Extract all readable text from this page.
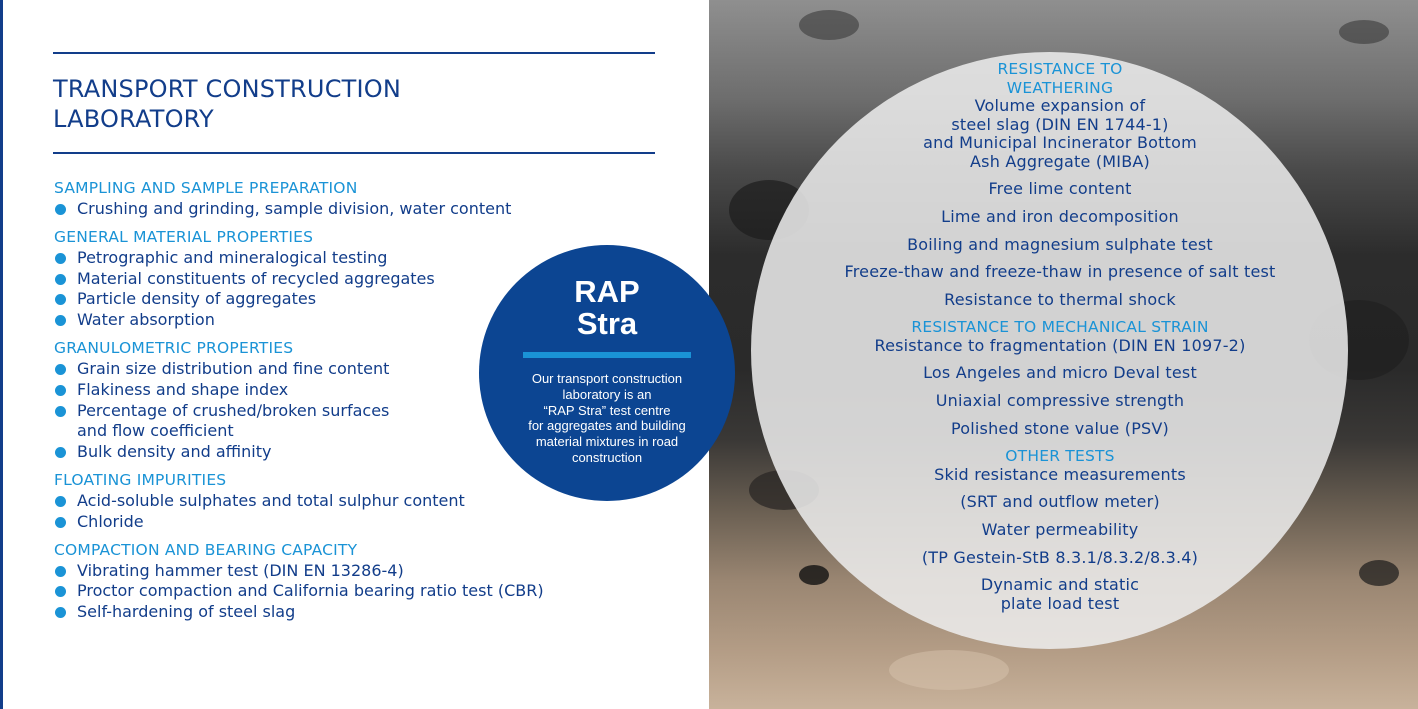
TRANSPORT CONSTRUCTION
LABORATORY
SAMPLING AND SAMPLE PREPARATION
Crushing and grinding, sample division, water content
GENERAL MATERIAL PROPERTIES
Petrographic and mineralogical testing
Material constituents of recycled aggregates
Particle density of aggregates
Water absorption
GRANULOMETRIC PROPERTIES
Grain size distribution and fine content
Flakiness and shape index
Percentage of crushed/broken surfaces
and flow coefficient
Bulk density and affinity
FLOATING IMPURITIES
Acid-soluble sulphates and total sulphur content
Chloride
COMPACTION AND BEARING CAPACITY
Vibrating hammer test (DIN EN 13286-4)
Proctor compaction and California bearing ratio test (CBR)
Self-hardening of steel slag
RESISTANCE TO
WEATHERING
Volume expansion of
steel slag (DIN EN 1744-1)
and Municipal Incinerator Bottom
Ash Aggregate (MIBA)
Free lime content
Lime and iron decomposition
Boiling and magnesium sulphate test
Freeze-thaw and freeze-thaw in presence of salt test
Resistance to thermal shock
RESISTANCE TO MECHANICAL STRAIN
Resistance to fragmentation (DIN EN 1097-2)
Los Angeles and micro Deval test
Uniaxial compressive strength
Polished stone value (PSV)
OTHER TESTS
Skid resistance measurements
(SRT and outflow meter)
Water permeability
(TP Gestein-StB 8.3.1/8.3.2/8.3.4)
Dynamic and static
plate load test
RAP
Stra
Our transport construction
laboratory is an
“RAP Stra” test centre
for aggregates and building
material mixtures in road
construction
